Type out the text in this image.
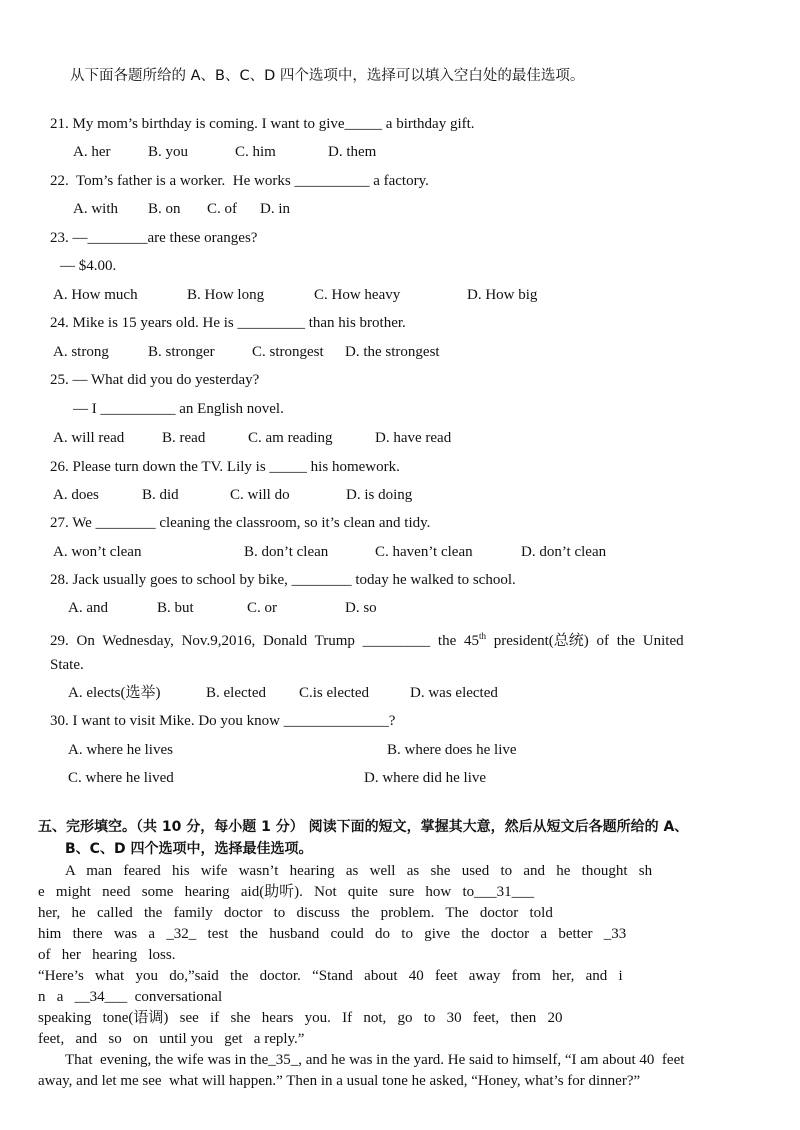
从下面各题所给的 A、B、C、D 四个选项中，选择可以填入空白处的最佳选项。
21. My mom’s birthday is coming. I want to give_____ a birthday gift.
A. her	B. you	C. him	D. them
22.  Tom’s father is a worker.  He works __________ a factory.
A. with B. on C. of D. in
23. —________are these oranges?
— $4.00.
A. How much	B. How long	C. How heavy	D. How big
24. Mike is 15 years old. He is _________ than his brother.
A. strong	B. stronger C. strongest D. the strongest
25. — What did you do yesterday?
— I __________ an English novel.
A. will read	B. read	C. am reading	D. have read
26. Please turn down the TV. Lily is _____ his homework.
A. does	B. did	C. will do	D. is doing
27. We ________ cleaning the classroom, so it’s clean and tidy.
A. won’t clean	B. don’t clean	C. haven’t clean	D. don’t clean
28. Jack usually goes to school by bike, ________ today he walked to school.
A. and	B. but	C. or	D. so
29. On Wednesday, Nov.9,2016, Donald Trump _________ the 45th president(总统) of the United
State.
A. elects(选举)	B. elected C.is elected	D. was elected
30. I want to visit Mike. Do you know ______________?
A. where he lives	B. where does he live
C. where he lived	D. where did he live
五、完形填空。（共 10 分，每小题 1 分） 阅读下面的短文，掌握其大意，然后从短文后各题所给的 A、
B、C、D 四个选项中，选择最佳选项。
A   man   feared   his   wife   wasn’t   hearing   as   well   as   she   used   to   and   he   thought   sh
e   might   need   some   hearing   aid(助听).   Not   quite   sure   how   to___31___
her,   he   called   the   family   doctor   to   discuss   the   problem.   The   doctor   told
him   there   was   a   _32_   test   the   husband   could   do   to   give   the   doctor   a   better   _33
of   her   hearing   loss.
“Here’s   what   you   do,”said   the   doctor.   “Stand   about   40   feet   away   from   her,   and   i
n   a   __34___  conversational
speaking   tone(语调)   see   if   she   hears   you.   If   not,   go   to   30   feet,   then   20
feet,   and   so   on   until you   get   a reply.”
That  evening, the wife was in the_35_, and he was in the yard. He said to himself, “I am about 40  feet
away, and let me see  what will happen.” Then in a usual tone he asked, “Honey, what’s for dinner?”
